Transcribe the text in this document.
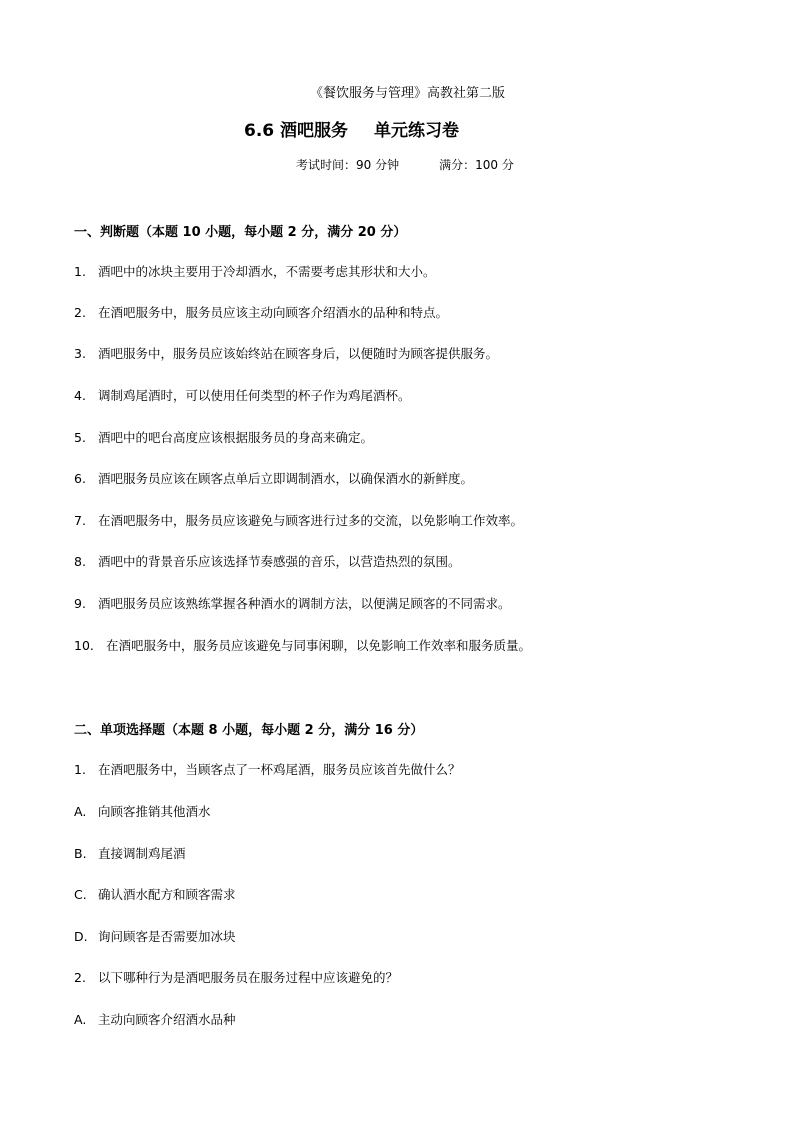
《餐饮服务与管理》高教社第二版
6.6 酒吧服务 单元练习卷
考试时间：90 分钟	满分：100 分
一、判断题（本题 10 小题，每小题 2 分，满分 20 分）
1. 酒吧中的冰块主要用于冷却酒水，不需要考虑其形状和大小。
2. 在酒吧服务中，服务员应该主动向顾客介绍酒水的品种和特点。
3. 酒吧服务中，服务员应该始终站在顾客身后，以便随时为顾客提供服务。
4. 调制鸡尾酒时，可以使用任何类型的杯子作为鸡尾酒杯。
5. 酒吧中的吧台高度应该根据服务员的身高来确定。
6. 酒吧服务员应该在顾客点单后立即调制酒水，以确保酒水的新鲜度。
7. 在酒吧服务中，服务员应该避免与顾客进行过多的交流，以免影响工作效率。
8. 酒吧中的背景音乐应该选择节奏感强的音乐，以营造热烈的氛围。
9. 酒吧服务员应该熟练掌握各种酒水的调制方法，以便满足顾客的不同需求。
10. 在酒吧服务中，服务员应该避免与同事闲聊，以免影响工作效率和服务质量。
二、单项选择题（本题 8 小题，每小题 2 分，满分 16 分）
1. 在酒吧服务中，当顾客点了一杯鸡尾酒，服务员应该首先做什么？
A. 向顾客推销其他酒水
B. 直接调制鸡尾酒
C. 确认酒水配方和顾客需求
D. 询问顾客是否需要加冰块
2. 以下哪种行为是酒吧服务员在服务过程中应该避免的？
A. 主动向顾客介绍酒水品种
